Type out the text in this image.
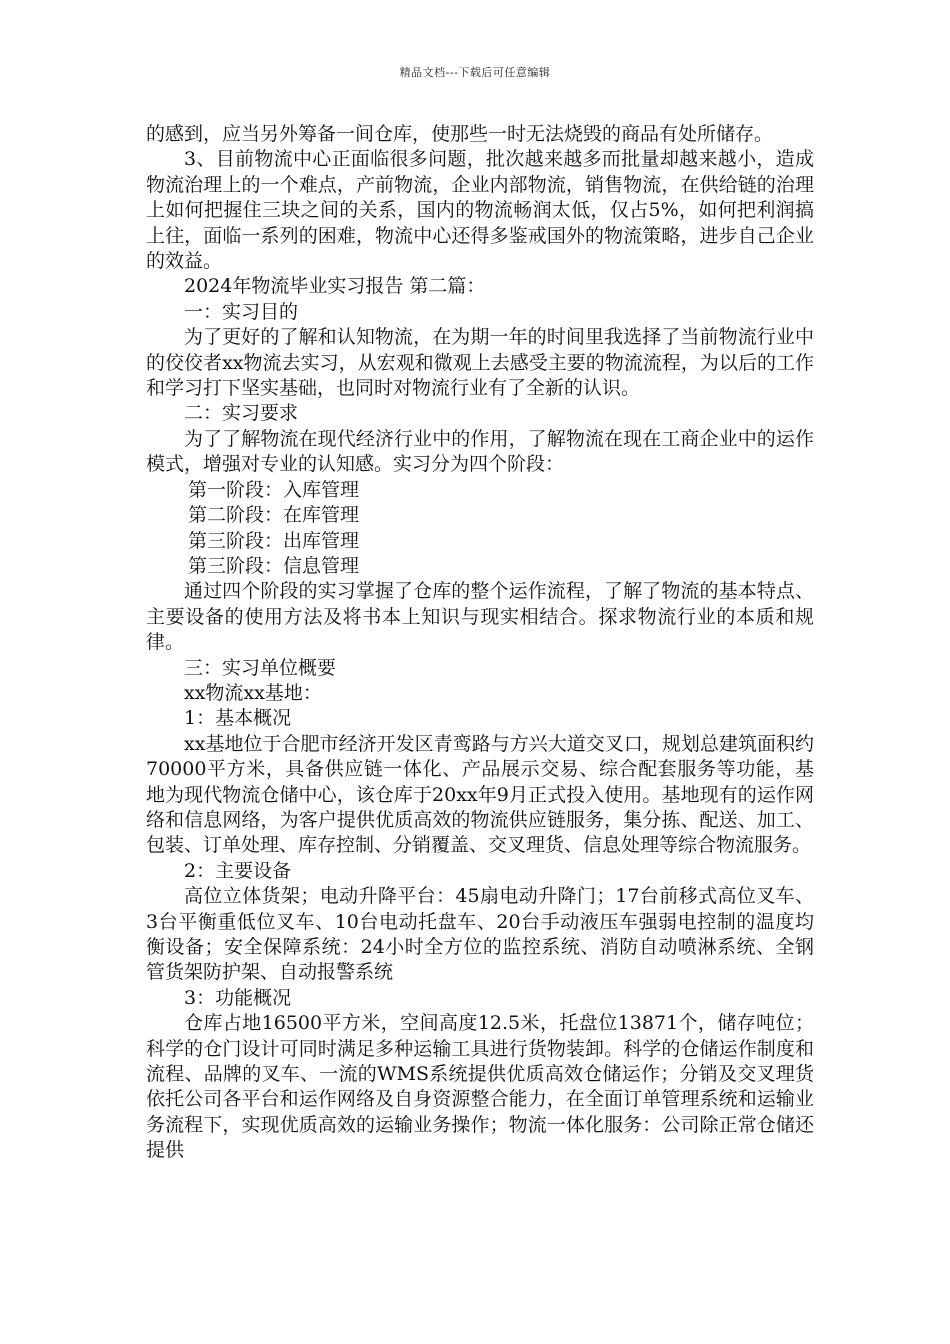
精品文档---下载后可任意编辑

的感到，应当另外筹备一间仓库，使那些一时无法烧毁的商品有处所储存。

3、目前物流中心正面临很多问题，批次越来越多而批量却越来越小，造成物流治理上的一个难点，产前物流，企业内部物流，销售物流，在供给链的治理上如何把握住三块之间的关系，国内的物流畅润太低，仅占5%，如何把利润搞上往，面临一系列的困难，物流中心还得多鉴戒国外的物流策略，进步自己企业的效益。

2024年物流毕业实习报告 第二篇：

一：实习目的

为了更好的了解和认知物流，在为期一年的时间里我选择了当前物流行业中的佼佼者xx物流去实习，从宏观和微观上去感受主要的物流流程，为以后的工作和学习打下坚实基础，也同时对物流行业有了全新的认识。

二：实习要求

为了了解物流在现代经济行业中的作用，了解物流在现在工商企业中的运作模式，增强对专业的认知感。实习分为四个阶段：

第一阶段：入库管理

第二阶段：在库管理

第三阶段：出库管理

第三阶段：信息管理

通过四个阶段的实习掌握了仓库的整个运作流程，了解了物流的基本特点、主要设备的使用方法及将书本上知识与现实相结合。探求物流行业的本质和规律。

三：实习单位概要

xx物流xx基地：

1：基本概况

xx基地位于合肥市经济开发区青鸾路与方兴大道交叉口，规划总建筑面积约70000平方米，具备供应链一体化、产品展示交易、综合配套服务等功能，基地为现代物流仓储中心，该仓库于20xx年9月正式投入使用。基地现有的运作网络和信息网络，为客户提供优质高效的物流供应链服务，集分拣、配送、加工、包装、订单处理、库存控制、分销覆盖、交叉理货、信息处理等综合物流服务。

2：主要设备

高位立体货架；电动升降平台：45扇电动升降门；17台前移式高位叉车、3台平衡重低位叉车、10台电动托盘车、20台手动液压车强弱电控制的温度均衡设备；安全保障系统：24小时全方位的监控系统、消防自动喷淋系统、全钢管货架防护架、自动报警系统

3：功能概况

仓库占地16500平方米，空间高度12.5米，托盘位13871个，储存吨位；科学的仓门设计可同时满足多种运输工具进行货物装卸。科学的仓储运作制度和流程、品牌的叉车、一流的WMS系统提供优质高效仓储运作；分销及交叉理货依托公司各平台和运作网络及自身资源整合能力，在全面订单管理系统和运输业务流程下，实现优质高效的运输业务操作；物流一体化服务：公司除正常仓储还提供
